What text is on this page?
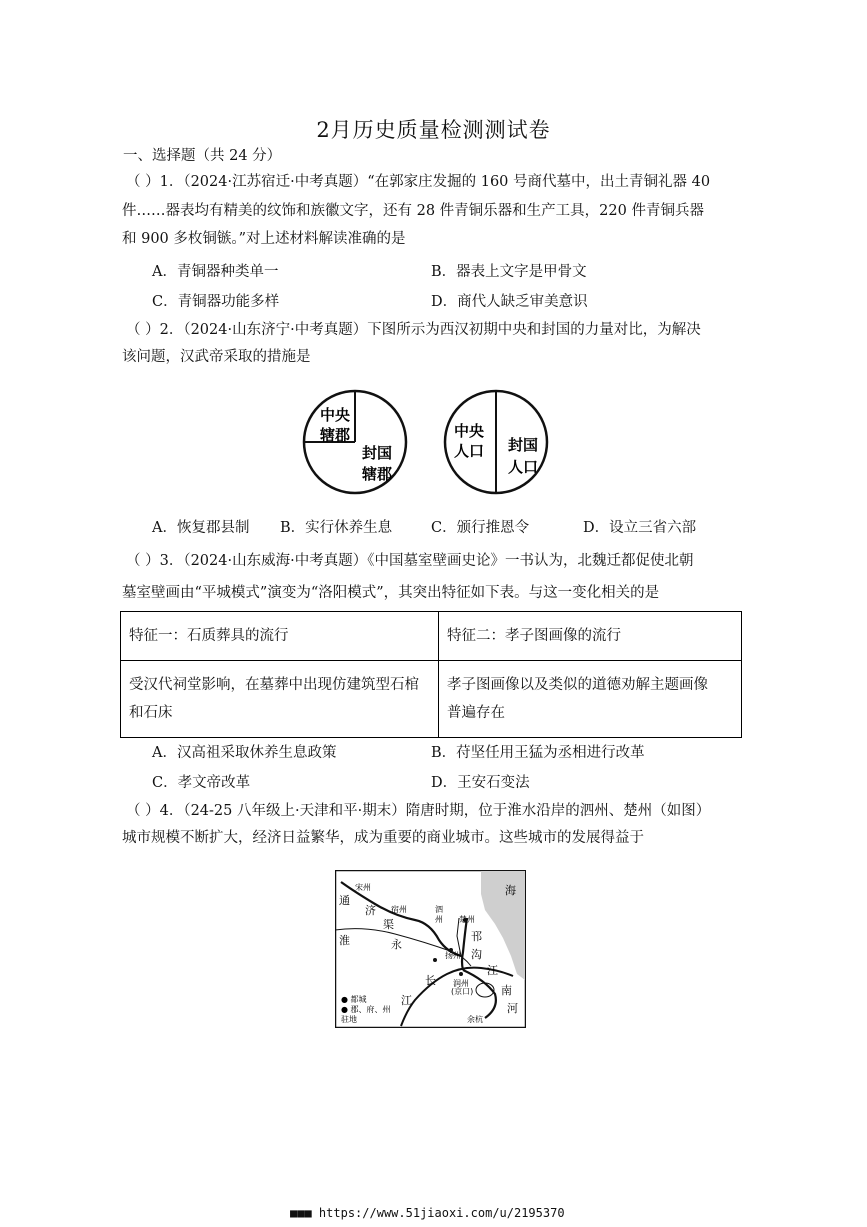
2月历史质量检测测试卷
一、选择题（共 24 分）
（ ）1．（2024·江苏宿迁·中考真题）“在郭家庄发掘的 160 号商代墓中，出土青铜礼器 40
件……器表均有精美的纹饰和族徽文字，还有 28 件青铜乐器和生产工具，220 件青铜兵器
和 900 多枚铜镞。”对上述材料解读准确的是
A．青铜器种类单一	B．器表上文字是甲骨文
C．青铜器功能多样	D．商代人缺乏审美意识
（ ）2．（2024·山东济宁·中考真题）下图所示为西汉初期中央和封国的力量对比，为解决
该问题，汉武帝采取的措施是
中央
辖郡
封国
辖郡
中央
人口 封国
人口
A．恢复郡县制 B．实行休养生息	C．颁行推恩令	D．设立三省六部
（ ）3．（2024·山东威海·中考真题）《中国墓室壁画史论》一书认为，北魏迁都促使北朝
墓室壁画由“平城模式”演变为“洛阳模式”，其突出特征如下表。与这一变化相关的是
特征一：石质葬具的流行	特征二：孝子图画像的流行
受汉代祠堂影响，在墓葬中出现仿建筑型石棺
和石床	孝子图画像以及类似的道德劝解主题画像
普遍存在
A．汉高祖采取休养生息政策	B．苻坚任用王猛为丞相进行改革
C．孝文帝改革	D．王安石变法
（ ）4．（24-25 八年级上·天津和平·期末）隋唐时期，位于淮水沿岸的泗州、楚州（如图）
城市规模不断扩大，经济日益繁华，成为重要的商业城市。这些城市的发展得益于
宋州
宿州	泗
州 楚州
扬州
润州
(京口)
余杭
通
济
渠
永
淮	邗
沟
长
江
江
南
河
海
● 都城
● 郡、府、州
驻地
■■■ https://www.51jiaoxi.com/u/2195370
